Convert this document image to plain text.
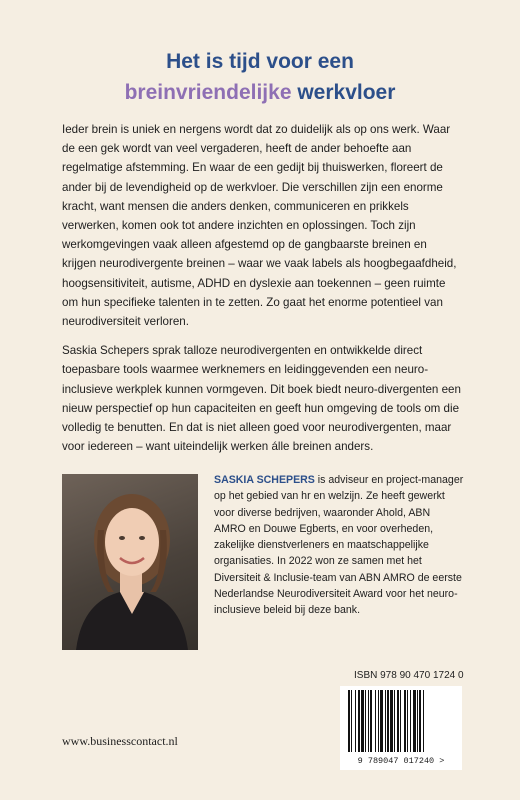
Het is tijd voor een
breinvriendelijke werkvloer

Ieder brein is uniek en nergens wordt dat zo duidelijk als op ons werk. Waar de een gek wordt van veel vergaderen, heeft de ander behoefte aan regelmatige afstemming. En waar de een gedijt bij thuiswerken, floreert de ander bij de levendigheid op de werkvloer. Die verschillen zijn een enorme kracht, want mensen die anders denken, communiceren en prikkels verwerken, komen ook tot andere inzichten en oplossingen. Toch zijn werkomgevingen vaak alleen afgestemd op de gangbaarste breinen en krijgen neurodivergente breinen – waar we vaak labels als hoogbegaafdheid, hoogsensitiviteit, autisme, ADHD en dyslexie aan toekennen – geen ruimte om hun specifieke talenten in te zetten. Zo gaat het enorme potentieel van neurodiversiteit verloren.

Saskia Schepers sprak talloze neurodivergenten en ontwikkelde direct toepasbare tools waarmee werknemers en leidinggevenden een neuro-inclusieve werkplek kunnen vormgeven. Dit boek biedt neuro-divergenten een nieuw perspectief op hun capaciteiten en geeft hun omgeving de tools om die volledig te benutten. En dat is niet alleen goed voor neurodivergenten, maar voor iedereen – want uiteindelijk werken álle breinen anders.

SASKIA SCHEPERS is adviseur en project-manager op het gebied van hr en welzijn. Ze heeft gewerkt voor diverse bedrijven, waaronder Ahold, ABN AMRO en Douwe Egberts, en voor overheden, zakelijke dienstverleners en maatschappelijke organisaties. In 2022 won ze samen met het Diversiteit & Inclusie-team van ABN AMRO de eerste Nederlandse Neurodiversiteit Award voor het neuro-inclusieve beleid bij deze bank.
ISBN 978 90 470 1724 0
9 789047 017240 >
www.businesscontact.nl
